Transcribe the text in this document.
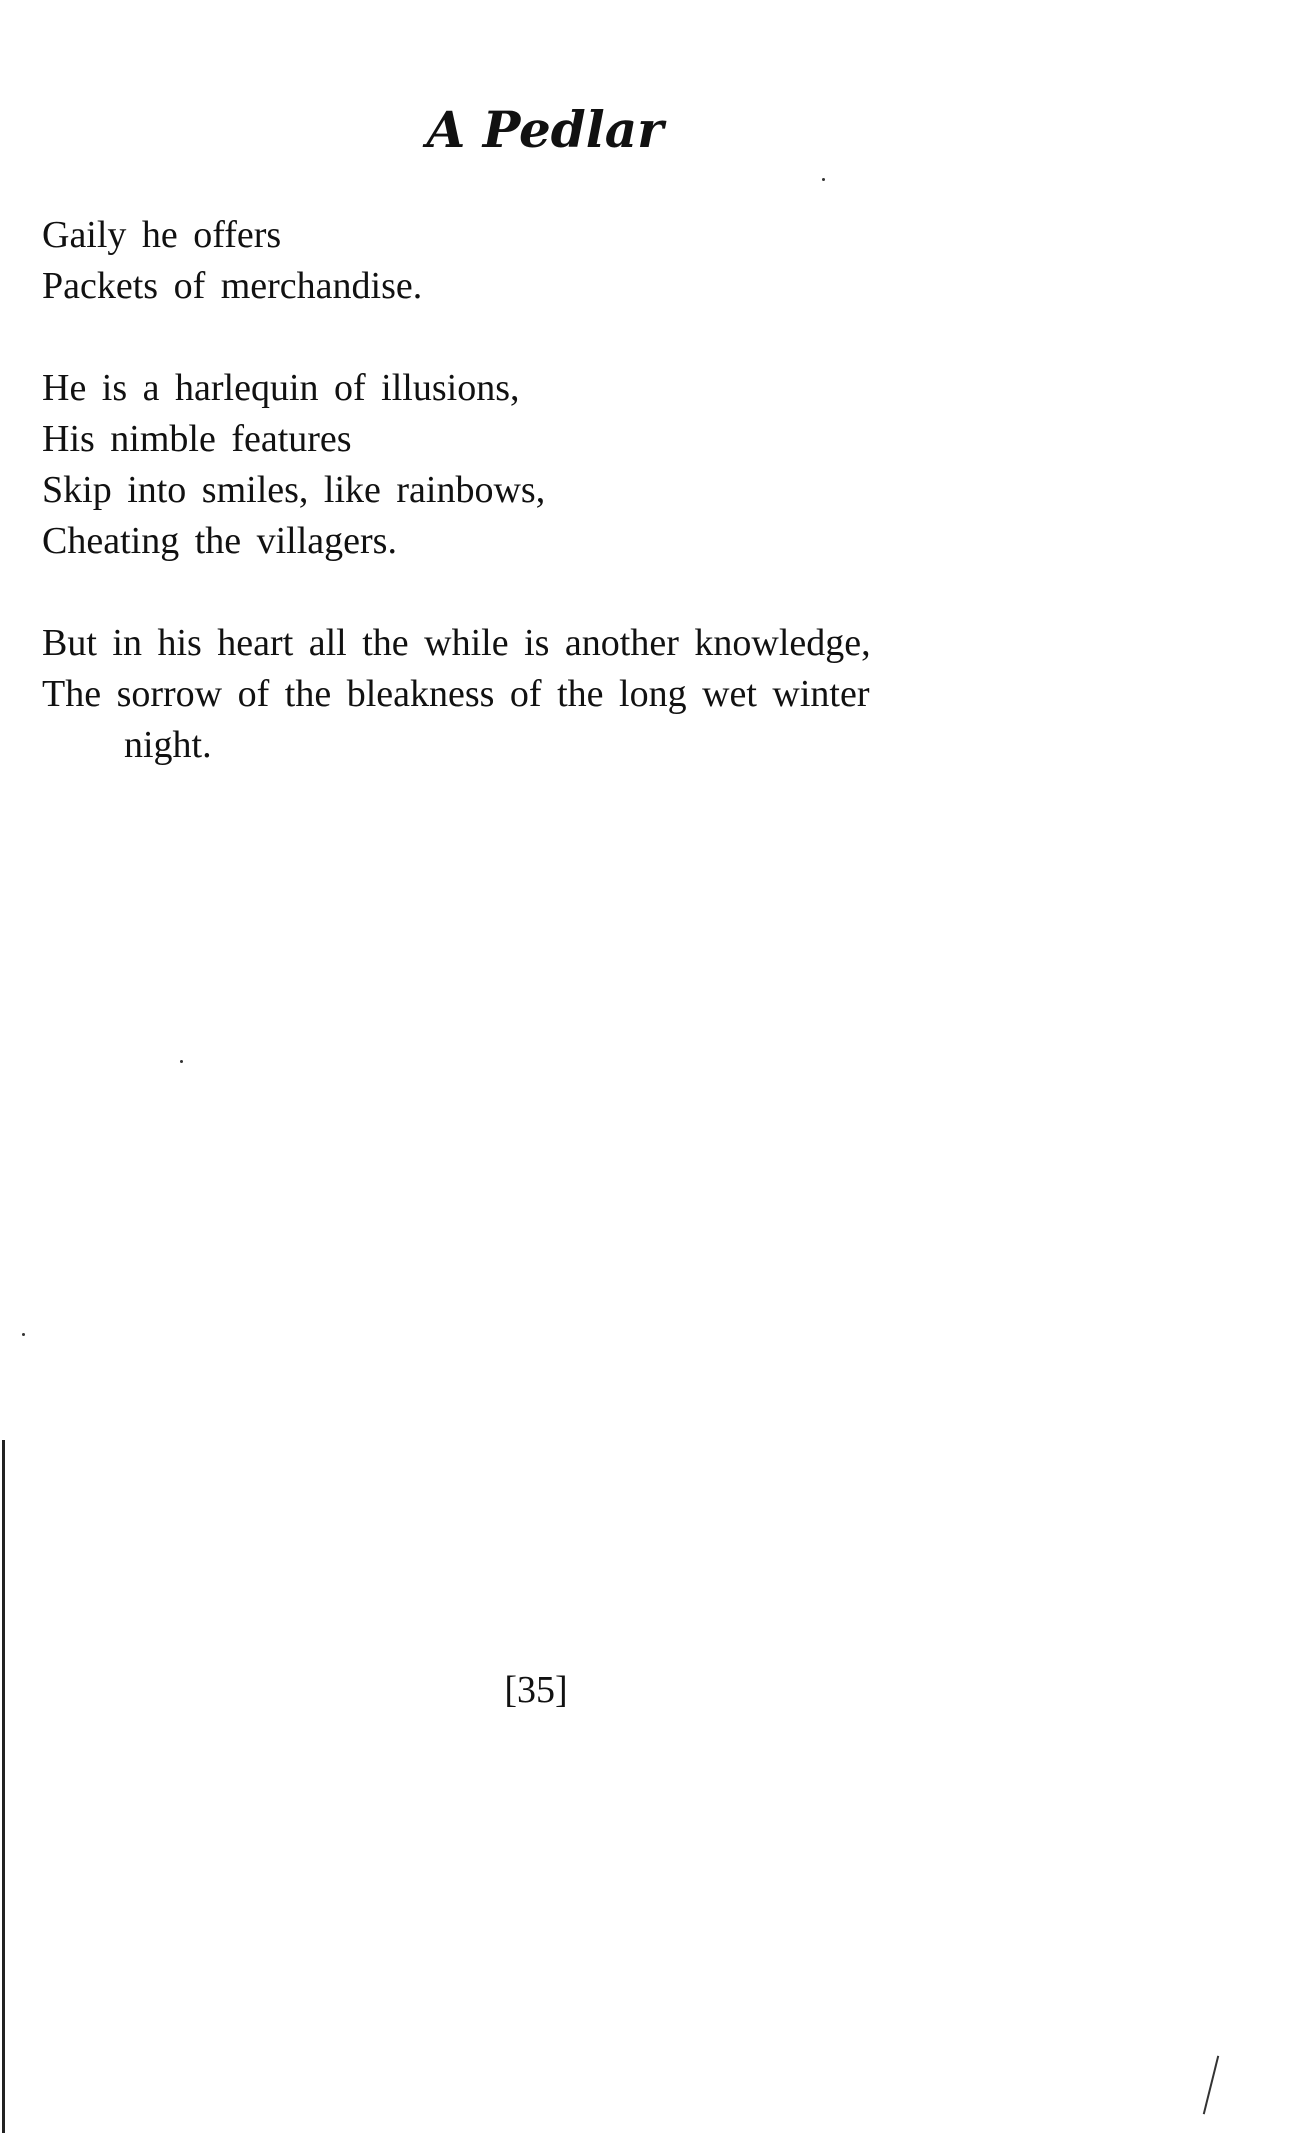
A Pedlar

Gaily he offers
Packets of merchandise.

He is a harlequin of illusions,
His nimble features
Skip into smiles, like rainbows,
Cheating the villagers.

But in his heart all the while is another knowledge,
The sorrow of the bleakness of the long wet winter
night.

[35]
